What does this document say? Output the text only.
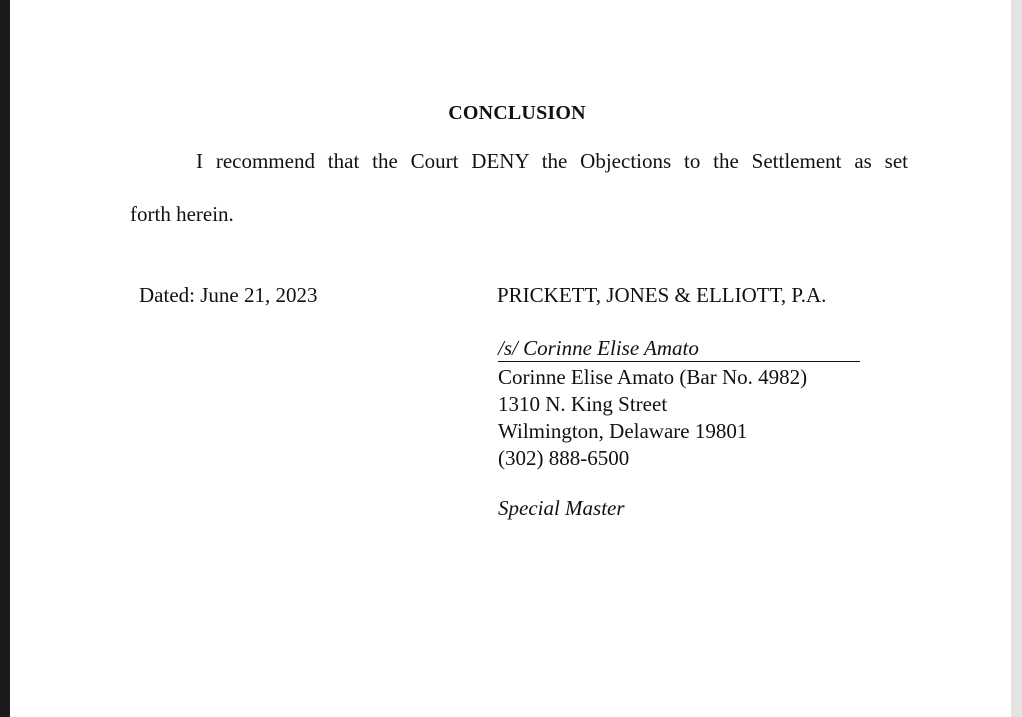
CONCLUSION
I recommend that the Court DENY the Objections to the Settlement as set
forth herein.
Dated: June 21, 2023	PRICKETT, JONES & ELLIOTT, P.A.
/s/ Corinne Elise Amato
Corinne Elise Amato (Bar No. 4982)
1310 N. King Street
Wilmington, Delaware 19801
(302) 888-6500
Special Master
